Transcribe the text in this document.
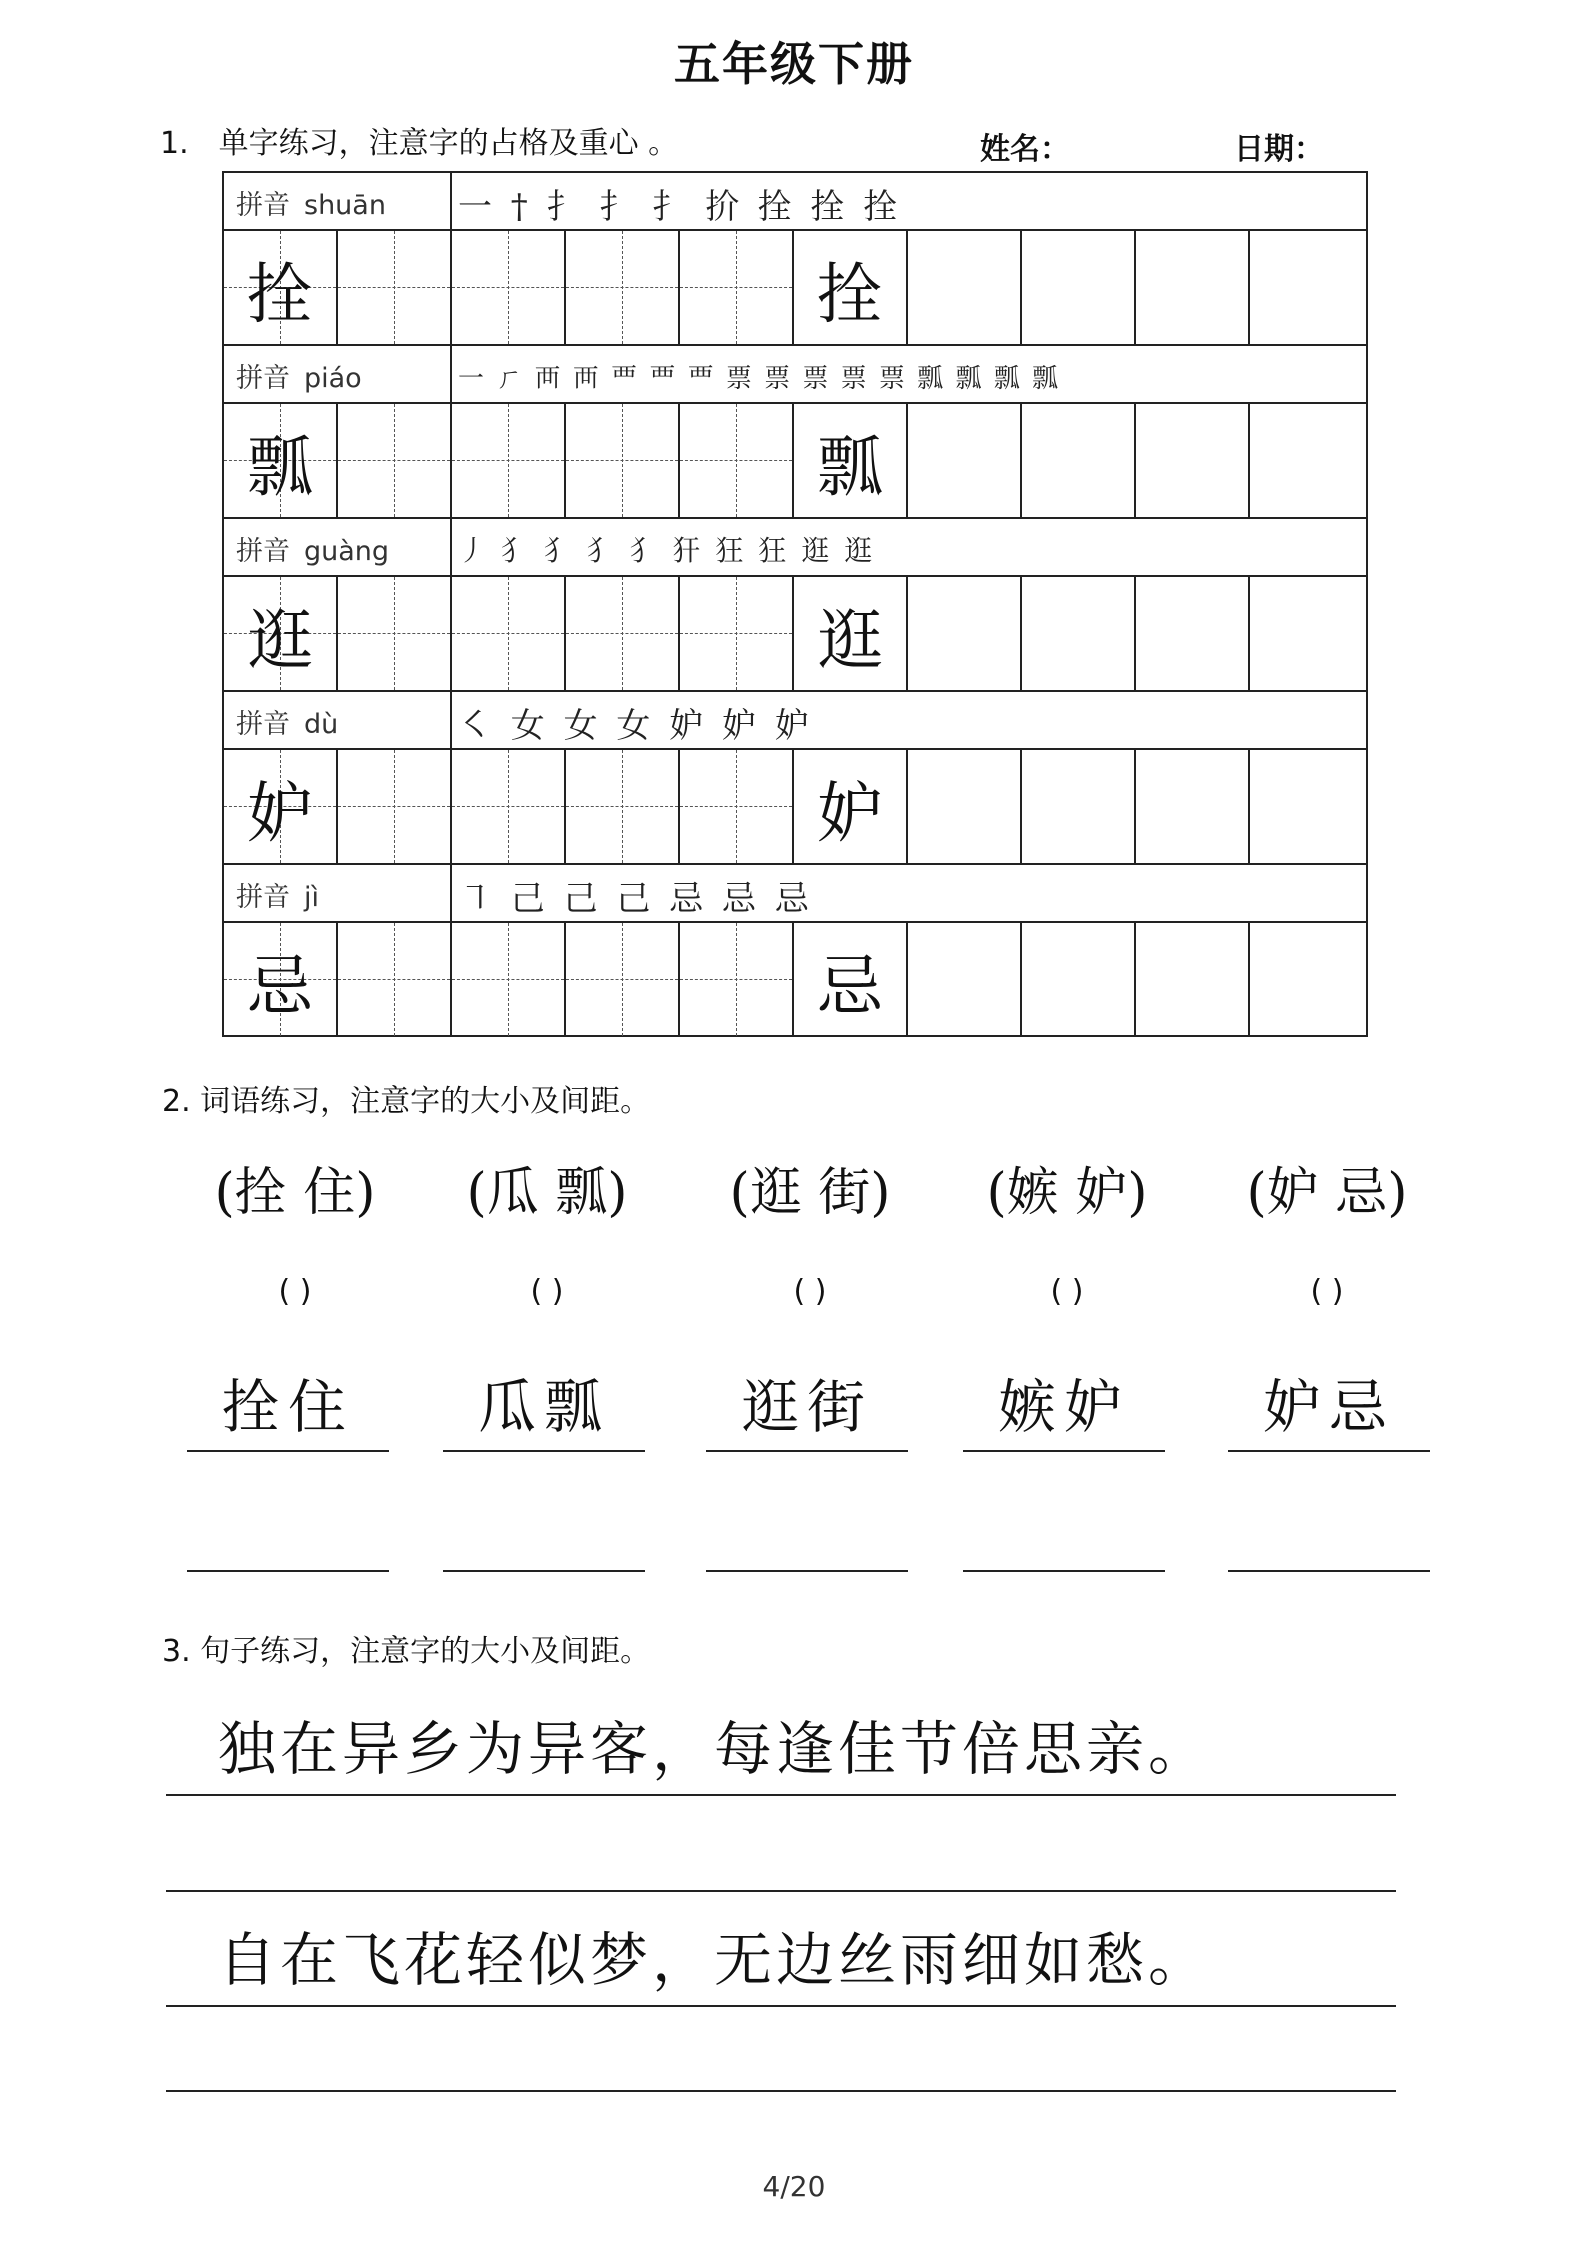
五年级下册
1. 单字练习，注意字的占格及重心 。	姓名：	日期：
拼音 shuān 一 † 扌 扌 扌 扴 拴 拴 拴
拴	拴
拼音 piáo	一 ㄏ 襾 襾 覀 覀 覀 票 票 票 票 票 瓢 瓢 瓢 瓢
瓢	瓢
拼音 guàng 丿 犭 犭 犭 犭 犴 狂 狂 逛 逛
逛	逛
拼音 dù	㇛ 女 女 女 妒 妒 妒
妒	妒
拼音 jì	㇕ 己 己 己 忌 忌 忌
忌	忌
2. 词语练习，注意字的大小及间距。
(拴 住)	(瓜 瓢)	(逛 街)	(嫉 妒)	(妒 忌)
( )	( )	( )	( )	( )
拴住	瓜瓢	逛街	嫉妒	妒忌
3. 句子练习，注意字的大小及间距。
独在异乡为异客，每逢佳节倍思亲。
自在飞花轻似梦，无边丝雨细如愁。
4/20
